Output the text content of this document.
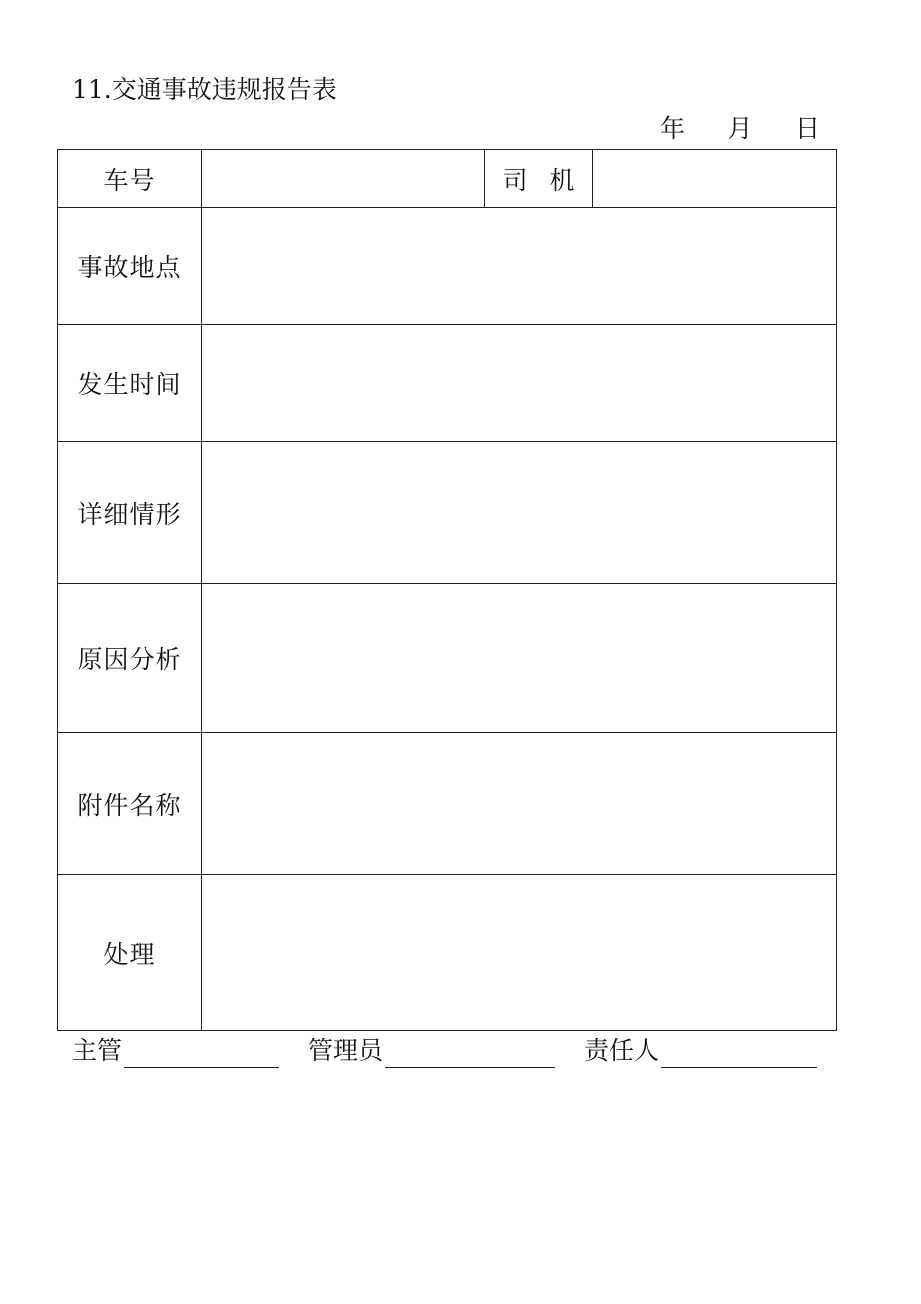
11.交通事故违规报告表
年 月 日
车号		司 机	
事故地点			
发生时间			
详细情形			
原因分析			
附件名称			
处理			
主管	管理员	责任人
